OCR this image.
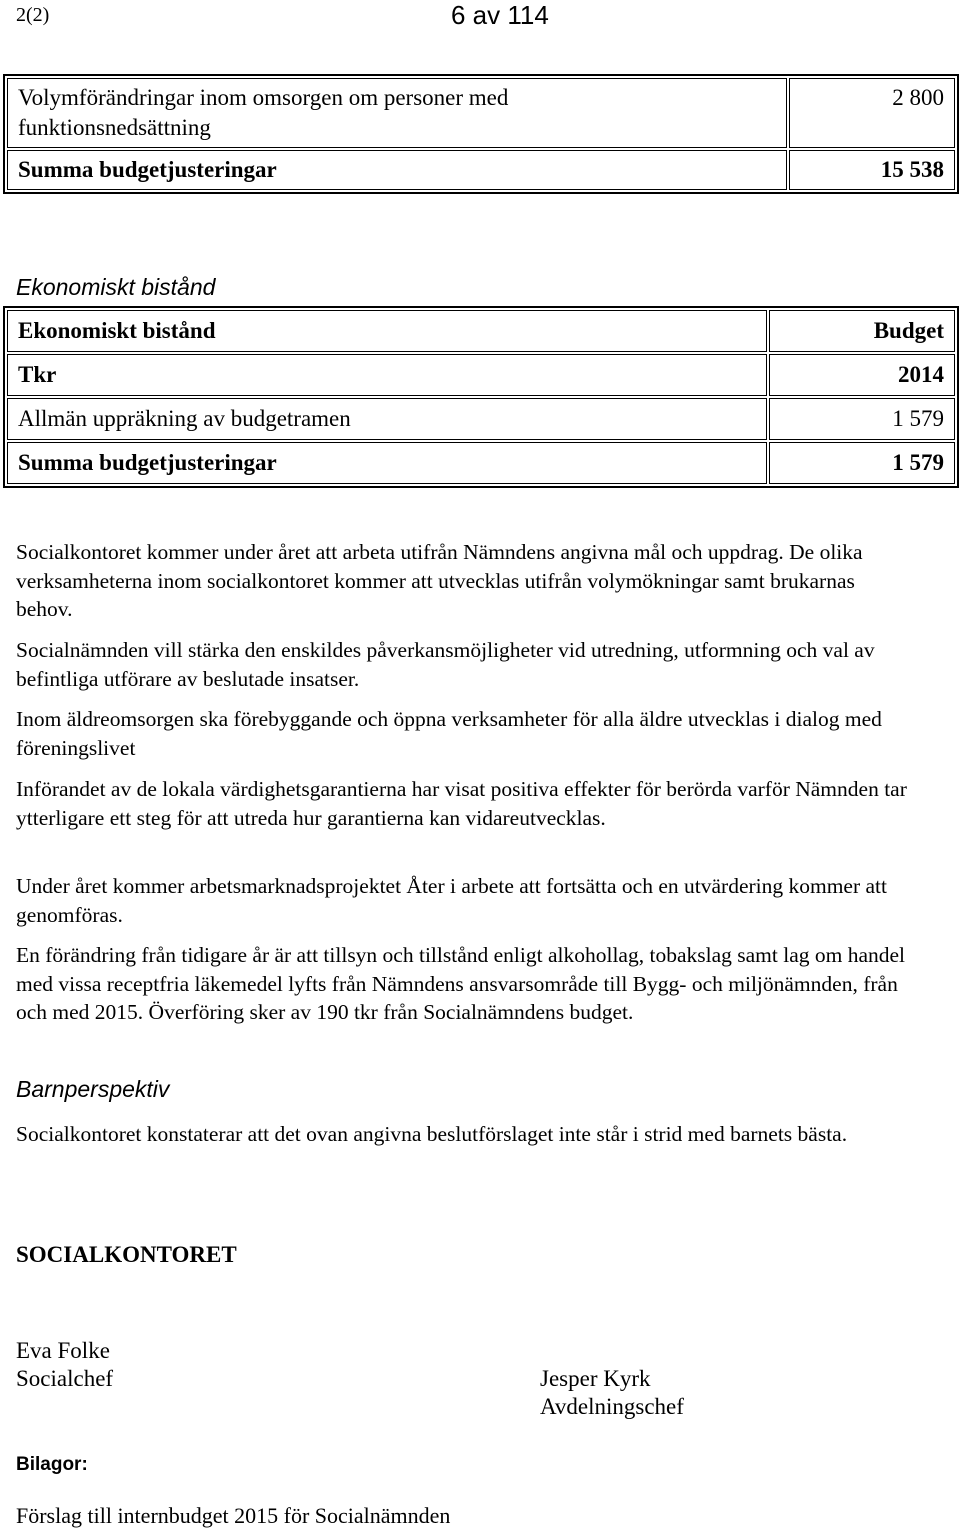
2(2)	6 av 114
Volymförändringar inom omsorgen om personer med funktionsnedsättning	2 800
Summa budgetjusteringar	15 538
Ekonomiskt bistånd
Ekonomiskt bistånd	Budget
Tkr	2014
Allmän uppräkning av budgetramen	1 579
Summa budgetjusteringar	1 579
Socialkontoret kommer under året att arbeta utifrån Nämndens angivna mål och uppdrag. De olika verksamheterna inom socialkontoret kommer att utvecklas utifrån volymökningar samt brukarnas behov.
Socialnämnden vill stärka den enskildes påverkansmöjligheter vid utredning, utformning och val av befintliga utförare av beslutade insatser.
Inom äldreomsorgen ska förebyggande och öppna verksamheter för alla äldre utvecklas i dialog med föreningslivet
Införandet av de lokala värdighetsgarantierna har visat positiva effekter för berörda varför Nämnden tar ytterligare ett steg för att utreda hur garantierna kan vidareutvecklas.
Under året kommer arbetsmarknadsprojektet Åter i arbete att fortsätta och en utvärdering kommer att genomföras.
En förändring från tidigare år är att tillsyn och tillstånd enligt alkohollag, tobakslag samt lag om handel med vissa receptfria läkemedel lyfts från Nämndens ansvarsområde till Bygg- och miljönämnden, från och med 2015. Överföring sker av 190 tkr från Socialnämndens budget.
Barnperspektiv
Socialkontoret konstaterar att det ovan angivna beslutförslaget inte står i strid med barnets bästa.
SOCIALKONTORET
Eva Folke
Socialchef	Jesper Kyrk
Avdelningschef
Bilagor:
Förslag till internbudget 2015 för Socialnämnden
